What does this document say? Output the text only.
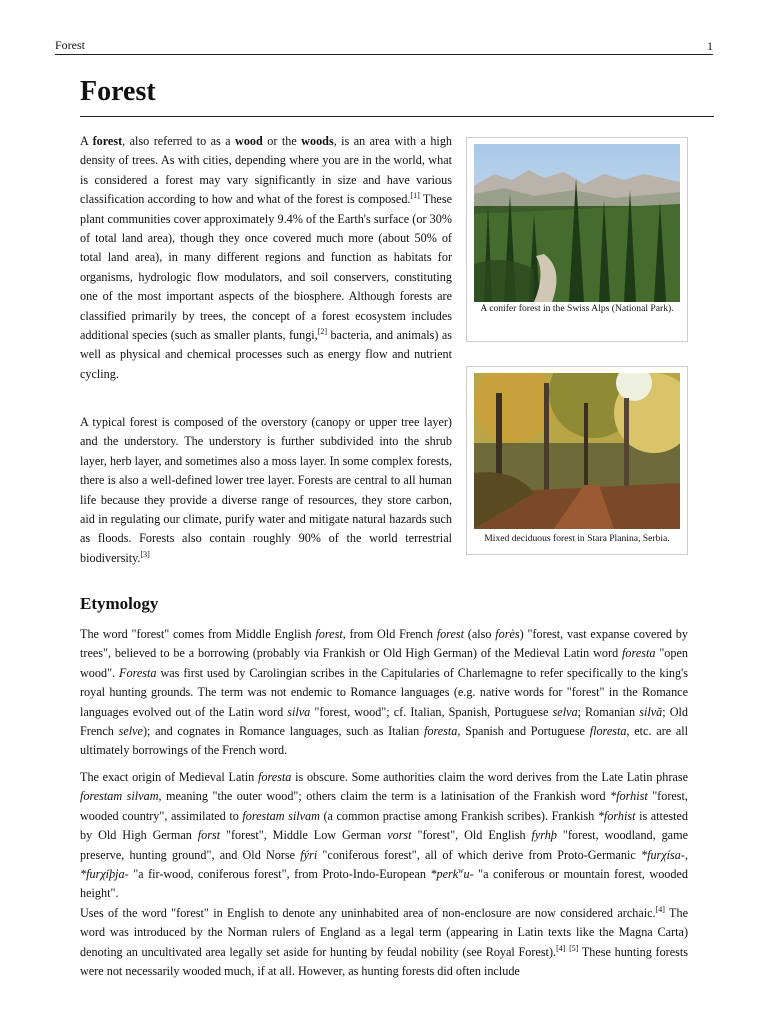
Forest	1
Forest

A forest, also referred to as a wood or the woods, is an area with a high density of trees. As with cities, depending where you are in the world, what is considered a forest may vary significantly in size and have various classification according to how and what of the forest is composed.[1] These plant communities cover approximately 9.4% of the Earth's surface (or 30% of total land area), though they once covered much more (about 50% of total land area), in many different regions and function as habitats for organisms, hydrologic flow modulators, and soil conservers, constituting one of the most important aspects of the biosphere. Although forests are classified primarily by trees, the concept of a forest ecosystem includes additional species (such as smaller plants, fungi,[2] bacteria, and animals) as well as physical and chemical processes such as energy flow and nutrient cycling.

A typical forest is composed of the overstory (canopy or upper tree layer) and the understory. The understory is further subdivided into the shrub layer, herb layer, and sometimes also a moss layer. In some complex forests, there is also a well-defined lower tree layer. Forests are central to all human life because they provide a diverse range of resources, they store carbon, aid in regulating our climate, purify water and mitigate natural hazards such as floods. Forests also contain roughly 90% of the world terrestrial biodiversity.[3]

A conifer forest in the Swiss Alps (National Park).
Mixed deciduous forest in Stara Planina, Serbia.
Etymology

The word "forest" comes from Middle English forest, from Old French forest (also forès) "forest, vast expanse covered by trees", believed to be a borrowing (probably via Frankish or Old High German) of the Medieval Latin word foresta "open wood". Foresta was first used by Carolingian scribes in the Capitularies of Charlemagne to refer specifically to the king's royal hunting grounds. The term was not endemic to Romance languages (e.g. native words for "forest" in the Romance languages evolved out of the Latin word silva "forest, wood"; cf. Italian, Spanish, Portuguese selva; Romanian silvă; Old French selve); and cognates in Romance languages, such as Italian foresta, Spanish and Portuguese floresta, etc. are all ultimately borrowings of the French word.

The exact origin of Medieval Latin foresta is obscure. Some authorities claim the word derives from the Late Latin phrase forestam silvam, meaning "the outer wood"; others claim the term is a latinisation of the Frankish word *forhist "forest, wooded country", assimilated to forestam silvam (a common practise among Frankish scribes). Frankish *forhist is attested by Old High German forst "forest", Middle Low German vorst "forest", Old English fyrhþ "forest, woodland, game preserve, hunting ground", and Old Norse fýri "coniferous forest", all of which derive from Proto-Germanic *furχísa-, *furχíþja- "a fir-wood, coniferous forest", from Proto-Indo-European *perk$^w$u- "a coniferous or mountain forest, wooded height".

Uses of the word "forest" in English to denote any uninhabited area of non-enclosure are now considered archaic.[4] The word was introduced by the Norman rulers of England as a legal term (appearing in Latin texts like the Magna Carta) denoting an uncultivated area legally set aside for hunting by feudal nobility (see Royal Forest).[4] [5] These hunting forests were not necessarily wooded much, if at all. However, as hunting forests did often include
